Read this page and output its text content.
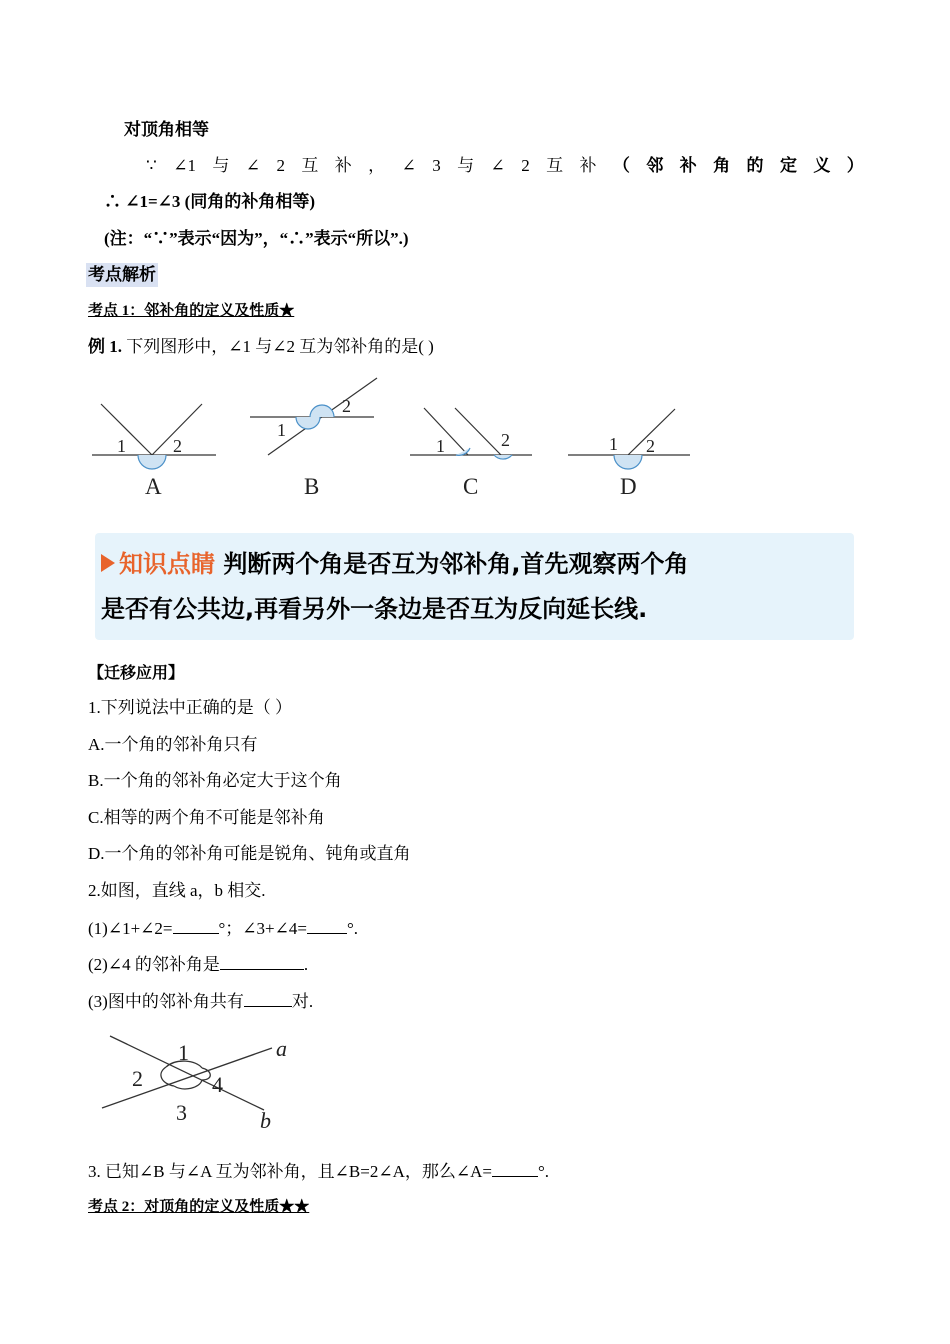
对顶角相等
∵ ∠1 与 ∠ 2 互 补 ， ∠ 3 与 ∠ 2 互 补 （ 邻 补 角 的 定 义 ）
∴ ∠1=∠3 (同角的补角相等)
(注：“∵”表示“因为”，“∴”表示“所以”.)
考点解析
考点 1：邻补角的定义及性质★
例 1. 下列图形中，∠1 与∠2 互为邻补角的是( )
1	2
1
2
1	2	1 2
A	B	C	D
知识点睛 判断两个角是否互为邻补角,首先观察两个角
是否有公共边,再看另外一条边是否互为反向延长线.
【迁移应用】
1.下列说法中正确的是（ ）
A.一个角的邻补角只有
B.一个角的邻补角必定大于这个角
C.相等的两个角不可能是邻补角
D.一个角的邻补角可能是锐角、钝角或直角
2.如图，直线 a，b 相交.
(1)∠1+∠2=	°；∠3+∠4= °.
(2)∠4 的邻补角是	.
(3)图中的邻补角共有	对.
1
2
3
4
a
b
3. 已知∠B 与∠A 互为邻补角，且∠B=2∠A，那么∠A=	°.
考点 2：对顶角的定义及性质★★
